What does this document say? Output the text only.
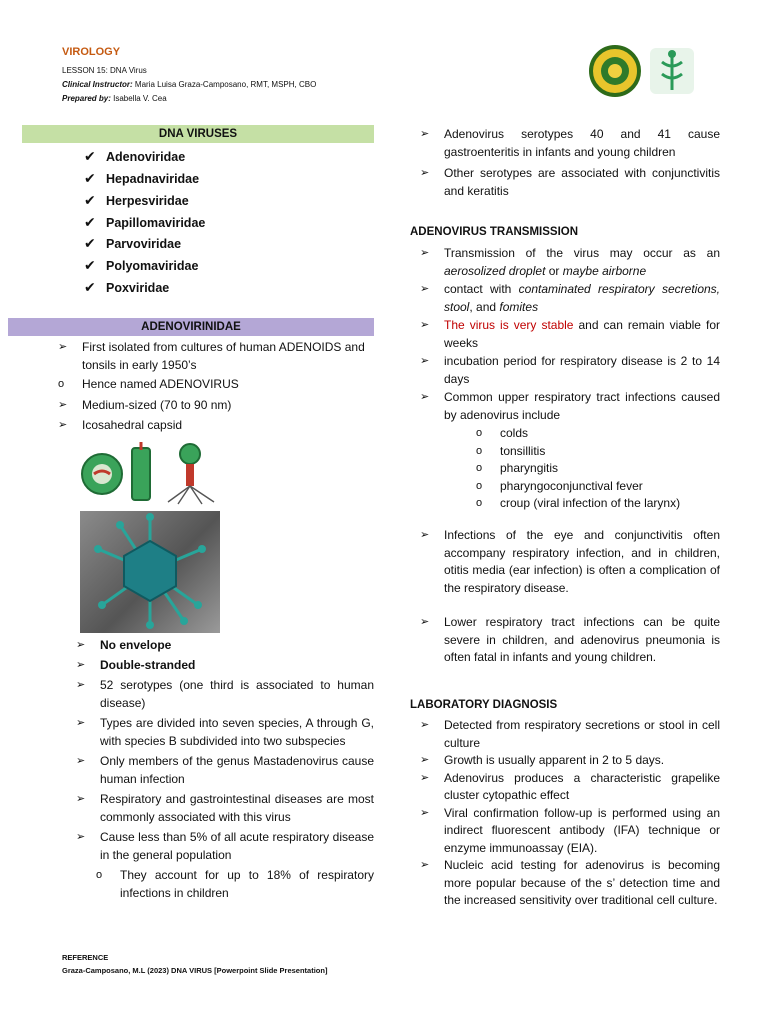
VIROLOGY
LESSON 15: DNA Virus
Clinical Instructor: Maria Luisa Graza-Camposano, RMT, MSPH, CBO
Prepared by: Isabella V. Cea
DNA VIRUSES
✔ Adenoviridae
✔ Hepadnaviridae
✔ Herpesviridae
✔ Papillomaviridae
✔ Parvoviridae
✔ Polyomaviridae
✔ Poxviridae
ADENOVIRINIDAE
➢	First isolated from cultures of human ADENOIDS and tonsils in early 1950’s
o	Hence named ADENOVIRUS
➢	Medium-sized (70 to 90 nm)
➢	Icosahedral capsid
➢	No envelope
➢	Double-stranded
➢	52 serotypes (one third is associated to human disease)
➢	Types are divided into seven species, A through G, with species B subdivided into two subspecies
➢	Only members of the genus Mastadenovirus cause human infection
➢	Respiratory and gastrointestinal diseases are most commonly associated with this virus
➢	Cause less than 5% of all acute respiratory disease in the general population
o	They account for up to 18% of respiratory infections in children
➢	Adenovirus serotypes 40 and 41 cause gastroenteritis in infants and young children
➢	Other serotypes are associated with conjunctivitis and keratitis
ADENOVIRUS TRANSMISSION
➢	Transmission of the virus may occur as an aerosolized droplet or maybe airborne
➢	contact with contaminated respiratory secretions, stool, and fomites
➢	The virus is very stable and can remain viable for weeks
➢	incubation period for respiratory disease is 2 to 14 days
➢	Common upper respiratory tract infections caused by adenovirus include
o	colds
o	tonsillitis
o	pharyngitis
o	pharyngoconjunctival fever
o	croup (viral infection of the larynx)
➢	Infections of the eye and conjunctivitis often accompany respiratory infection, and in children, otitis media (ear infection) is often a complication of the respiratory disease.
➢	Lower respiratory tract infections can be quite severe in children, and adenovirus pneumonia is often fatal in infants and young children.
LABORATORY DIAGNOSIS
➢	Detected from respiratory secretions or stool in cell culture
➢	Growth is usually apparent in 2 to 5 days.
➢	Adenovirus produces a characteristic grapelike cluster cytopathic effect
➢	Viral confirmation follow-up is performed using an indirect fluorescent antibody (IFA) technique or enzyme immunoassay (EIA).
➢	Nucleic acid testing for adenovirus is becoming more popular because of the s’ detection time and the increased sensitivity over traditional cell culture.
REFERENCE
Graza-Camposano, M.L (2023) DNA VIRUS [Powerpoint Slide Presentation]
